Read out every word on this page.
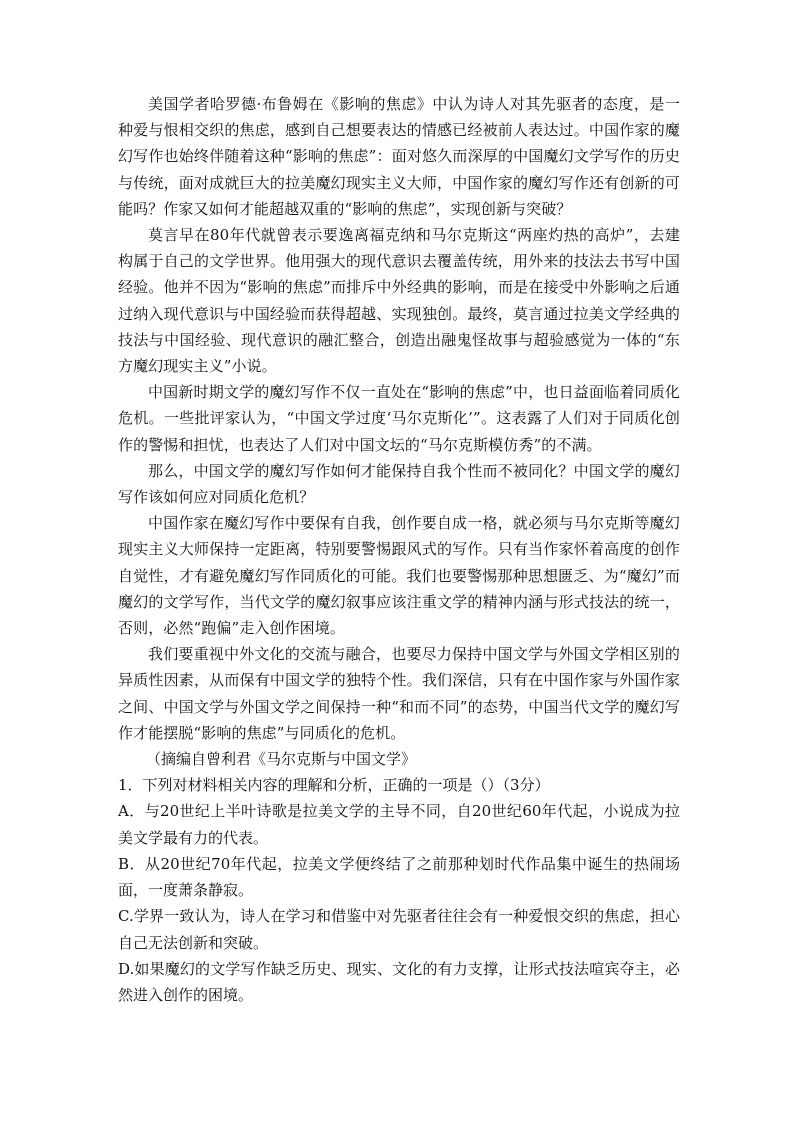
美国学者哈罗德·布鲁姆在《影响的焦虑》中认为诗人对其先驱者的态度，是一种爱与恨相交织的焦虑，感到自己想要表达的情感已经被前人表达过。中国作家的魔幻写作也始终伴随着这种“影响的焦虑”：面对悠久而深厚的中国魔幻文学写作的历史与传统，面对成就巨大的拉美魔幻现实主义大师，中国作家的魔幻写作还有创新的可能吗？作家又如何才能超越双重的“影响的焦虑”，实现创新与突破？

莫言早在80年代就曾表示要逸离福克纳和马尔克斯这“两座灼热的高炉”，去建构属于自己的文学世界。他用强大的现代意识去覆盖传统，用外来的技法去书写中国经验。他并不因为“影响的焦虑”而排斥中外经典的影响，而是在接受中外影响之后通过纳入现代意识与中国经验而获得超越、实现独创。最终，莫言通过拉美文学经典的技法与中国经验、现代意识的融汇整合，创造出融鬼怪故事与超验感觉为一体的“东方魔幻现实主义”小说。

中国新时期文学的魔幻写作不仅一直处在“影响的焦虑”中，也日益面临着同质化危机。一些批评家认为，“中国文学过度‘马尔克斯化’”。这表露了人们对于同质化创作的警惕和担忧，也表达了人们对中国文坛的“马尔克斯模仿秀”的不满。

那么，中国文学的魔幻写作如何才能保持自我个性而不被同化？中国文学的魔幻写作该如何应对同质化危机？

中国作家在魔幻写作中要保有自我，创作要自成一格，就必须与马尔克斯等魔幻现实主义大师保持一定距离，特别要警惕跟风式的写作。只有当作家怀着高度的创作自觉性，才有避免魔幻写作同质化的可能。我们也要警惕那种思想匮乏、为“魔幻”而魔幻的文学写作，当代文学的魔幻叙事应该注重文学的精神内涵与形式技法的统一，否则，必然“跑偏”走入创作困境。

我们要重视中外文化的交流与融合，也要尽力保持中国文学与外国文学相区别的异质性因素，从而保有中国文学的独特个性。我们深信，只有在中国作家与外国作家之间、中国文学与外国文学之间保持一种“和而不同”的态势，中国当代文学的魔幻写作才能摆脱“影响的焦虑”与同质化的危机。

（摘编自曾利君《马尔克斯与中国文学》

1．下列对材料相关内容的理解和分析，正确的一项是（）（3分）

A．与20世纪上半叶诗歌是拉美文学的主导不同，自20世纪60年代起，小说成为拉美文学最有力的代表。

B．从20世纪70年代起，拉美文学便终结了之前那种划时代作品集中诞生的热闹场面，一度萧条静寂。

C.学界一致认为，诗人在学习和借鉴中对先驱者往往会有一种爱恨交织的焦虑，担心自己无法创新和突破。

D.如果魔幻的文学写作缺乏历史、现实、文化的有力支撑，让形式技法喧宾夺主，必然进入创作的困境。
